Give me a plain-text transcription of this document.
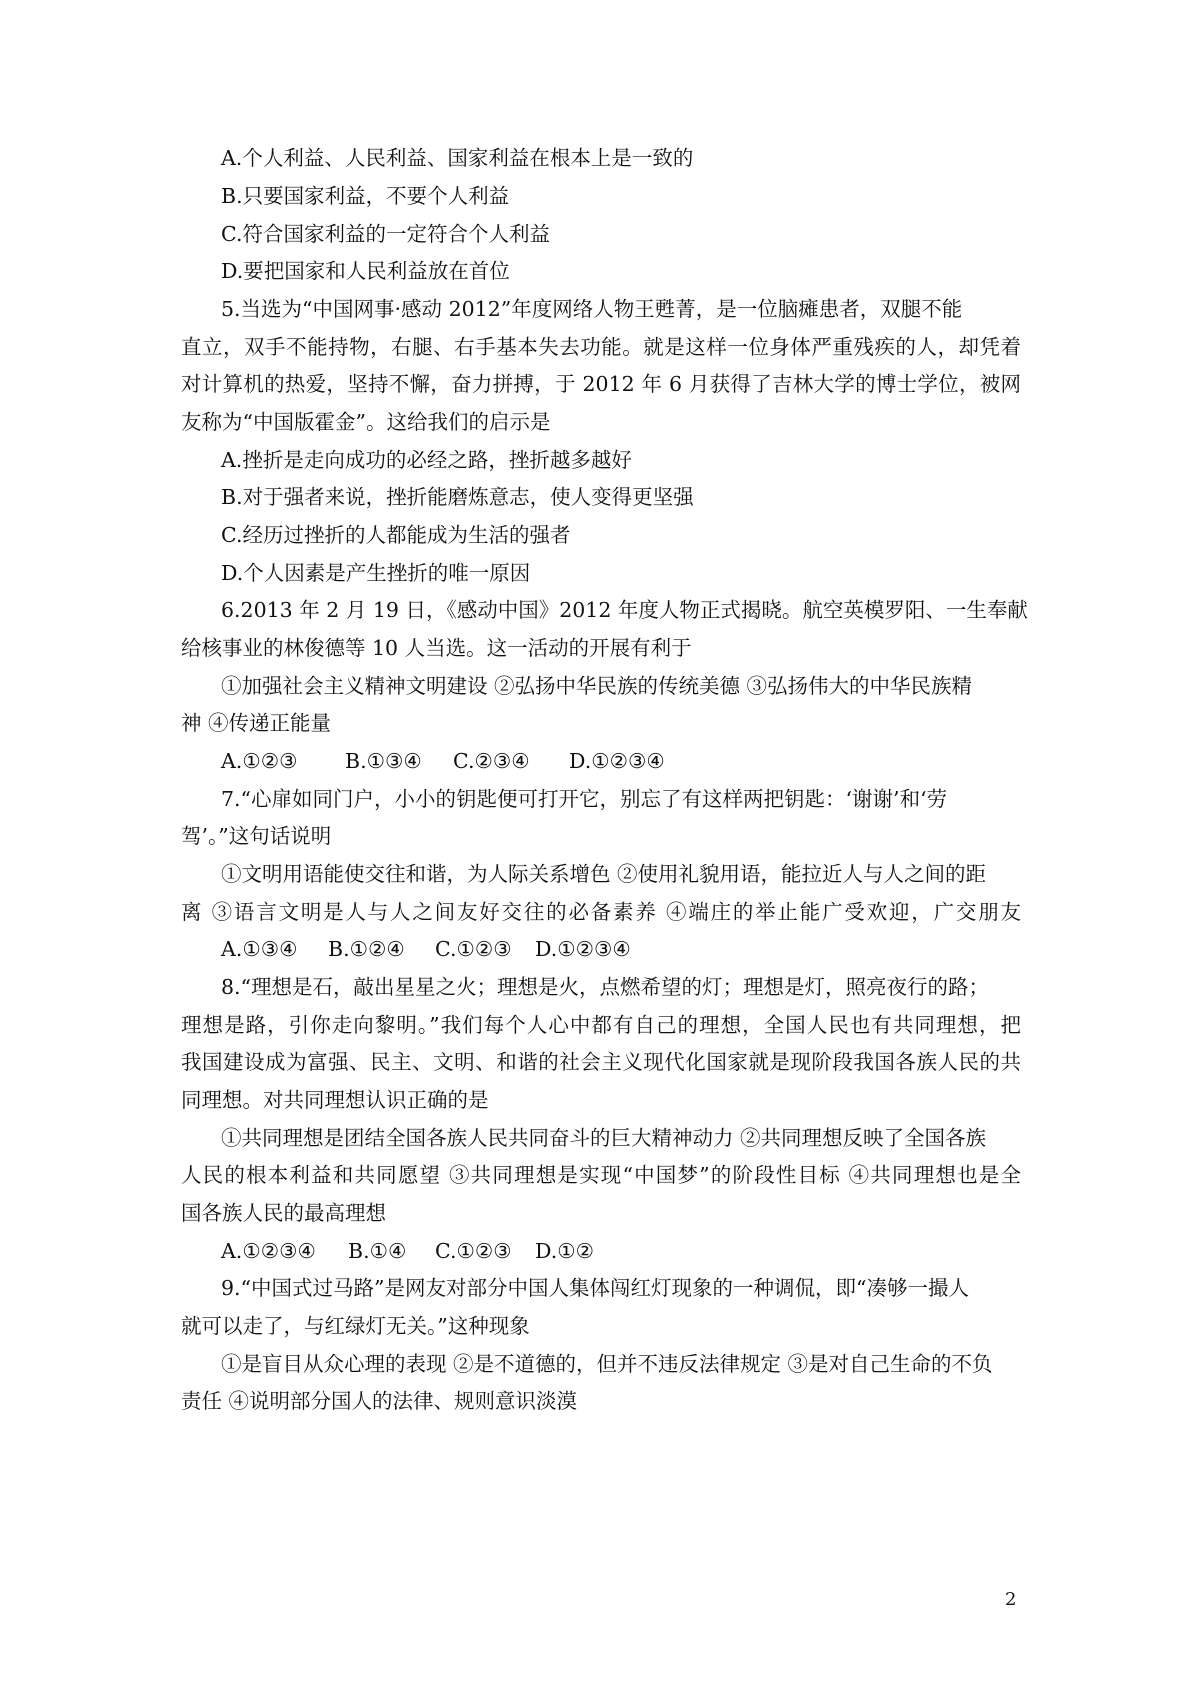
A.个人利益、人民利益、国家利益在根本上是一致的
B.只要国家利益，不要个人利益
C.符合国家利益的一定符合个人利益
D.要把国家和人民利益放在首位
5.当选为“中国网事·感动 2012”年度网络人物王甦菁，是一位脑瘫患者，双腿不能
直立，双手不能持物，右腿、右手基本失去功能。就是这样一位身体严重残疾的人，却凭着
对计算机的热爱，坚持不懈，奋力拼搏，于 2012 年 6 月获得了吉林大学的博士学位，被网
友称为“中国版霍金”。这给我们的启示是
A.挫折是走向成功的必经之路，挫折越多越好
B.对于强者来说，挫折能磨炼意志，使人变得更坚强
C.经历过挫折的人都能成为生活的强者
D.个人因素是产生挫折的唯一原因
6.2013 年 2 月 19 日，《感动中国》2012 年度人物正式揭晓。航空英模罗阳、一生奉献
给核事业的林俊德等 10 人当选。这一活动的开展有利于
①加强社会主义精神文明建设 ②弘扬中华民族的传统美德 ③弘扬伟大的中华民族精
神 ④传递正能量
A.①②③ B.①③④ C.②③④ D.①②③④
7.“心扉如同门户，小小的钥匙便可打开它，别忘了有这样两把钥匙：‘谢谢’和‘劳
驾’。”这句话说明
①文明用语能使交往和谐，为人际关系增色 ②使用礼貌用语，能拉近人与人之间的距
离 ③语言文明是人与人之间友好交往的必备素养 ④端庄的举止能广受欢迎，广交朋友
A.①③④ B.①②④ C.①②③ D.①②③④
8.“理想是石，敲出星星之火；理想是火，点燃希望的灯；理想是灯，照亮夜行的路；
理想是路，引你走向黎明。”我们每个人心中都有自己的理想，全国人民也有共同理想，把
我国建设成为富强、民主、文明、和谐的社会主义现代化国家就是现阶段我国各族人民的共
同理想。对共同理想认识正确的是
①共同理想是团结全国各族人民共同奋斗的巨大精神动力 ②共同理想反映了全国各族
人民的根本利益和共同愿望 ③共同理想是实现“中国梦”的阶段性目标 ④共同理想也是全
国各族人民的最高理想
A.①②③④ B.①④ C.①②③ D.①②
9.“中国式过马路”是网友对部分中国人集体闯红灯现象的一种调侃，即“凑够一撮人
就可以走了，与红绿灯无关。”这种现象
①是盲目从众心理的表现 ②是不道德的，但并不违反法律规定 ③是对自己生命的不负
责任 ④说明部分国人的法律、规则意识淡漠
2
